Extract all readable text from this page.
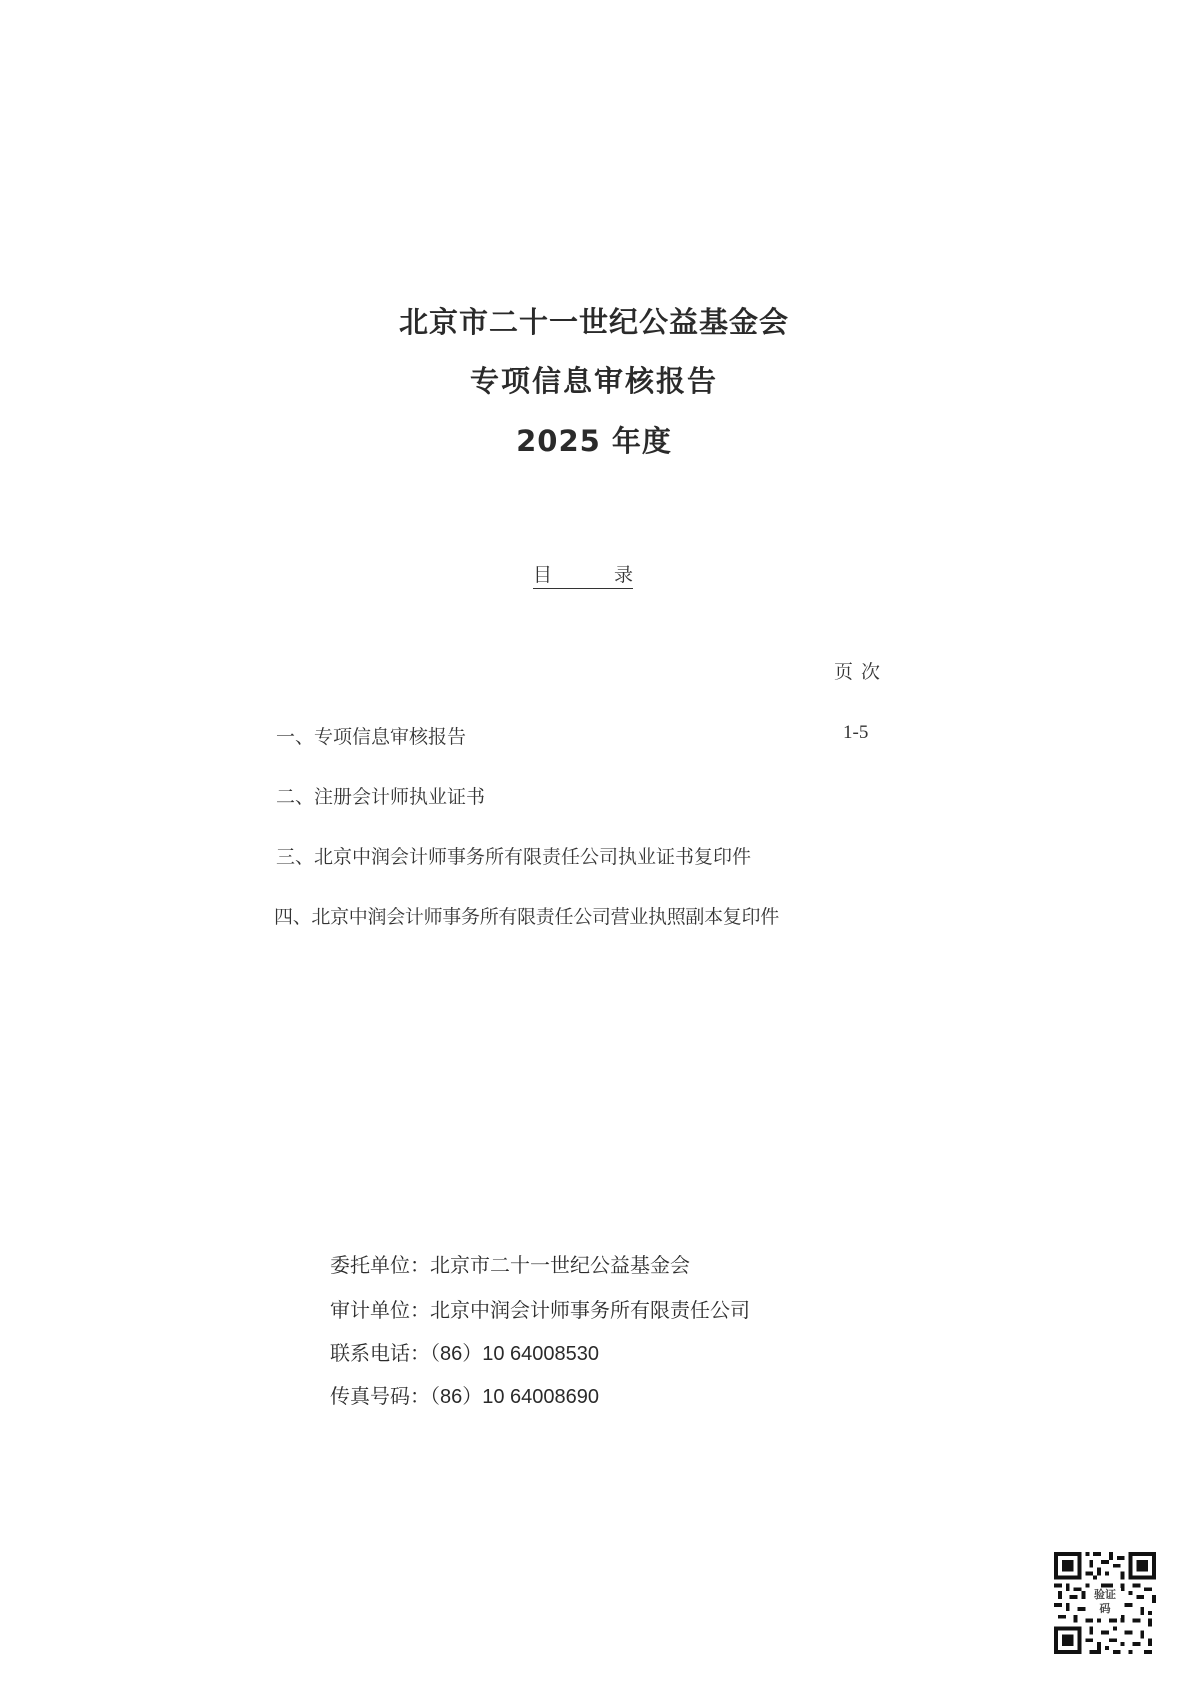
北京市二十一世纪公益基金会
专项信息审核报告
2025 年度
目	录
页次
一、专项信息审核报告	1-5
二、注册会计师执业证书
三、北京中润会计师事务所有限责任公司执业证书复印件
四、北京中润会计师事务所有限责任公司营业执照副本复印件
委托单位：北京市二十一世纪公益基金会
审计单位：北京中润会计师事务所有限责任公司
联系电话：（86）10 64008530
传真号码：（86）10 64008690
验证码
